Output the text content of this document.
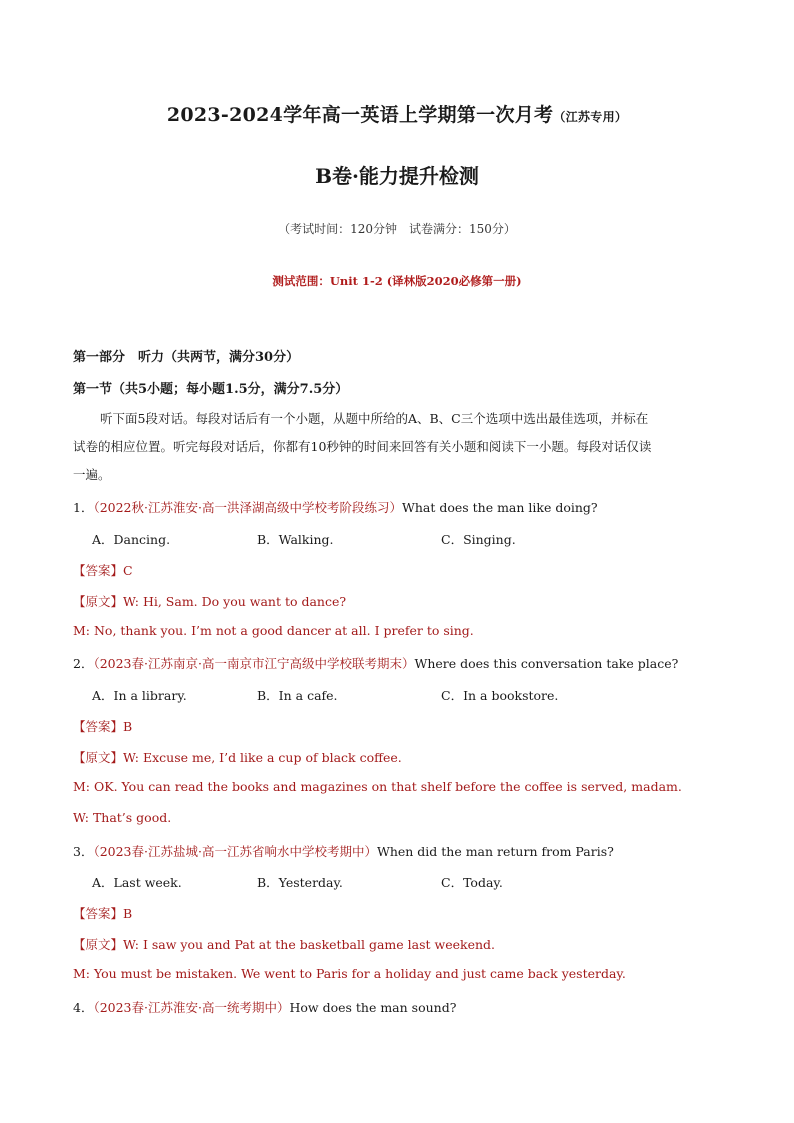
2023-2024学年高一英语上学期第一次月考（江苏专用）
B卷·能力提升检测
（考试时间：120分钟　试卷满分：150分）
测试范围：Unit 1-2 (译林版2020必修第一册)
第一部分　听力（共两节，满分30分）
第一节（共5小题；每小题1.5分，满分7.5分）
听下面5段对话。每段对话后有一个小题，从题中所给的A、B、C三个选项中选出最佳选项，并标在
试卷的相应位置。听完每段对话后，你都有10秒钟的时间来回答有关小题和阅读下一小题。每段对话仅读
一遍。
1．（2022秋·江苏淮安·高一洪泽湖高级中学校考阶段练习）What does the man like doing?
A．Dancing.	B．Walking.	C．Singing.
【答案】C
【原文】W: Hi, Sam. Do you want to dance?
M: No, thank you. I’m not a good dancer at all. I prefer to sing.
2．（2023春·江苏南京·高一南京市江宁高级中学校联考期末）Where does this conversation take place?
A．In a library.	B．In a cafe.	C．In a bookstore.
【答案】B
【原文】W: Excuse me, I’d like a cup of black coffee.
M: OK. You can read the books and magazines on that shelf before the coffee is served, madam.
W: That’s good.
3．（2023春·江苏盐城·高一江苏省响水中学校考期中）When did the man return from Paris?
A．Last week.	B．Yesterday.	C．Today.
【答案】B
【原文】W: I saw you and Pat at the basketball game last weekend.
M: You must be mistaken. We went to Paris for a holiday and just came back yesterday.
4．（2023春·江苏淮安·高一统考期中）How does the man sound?
